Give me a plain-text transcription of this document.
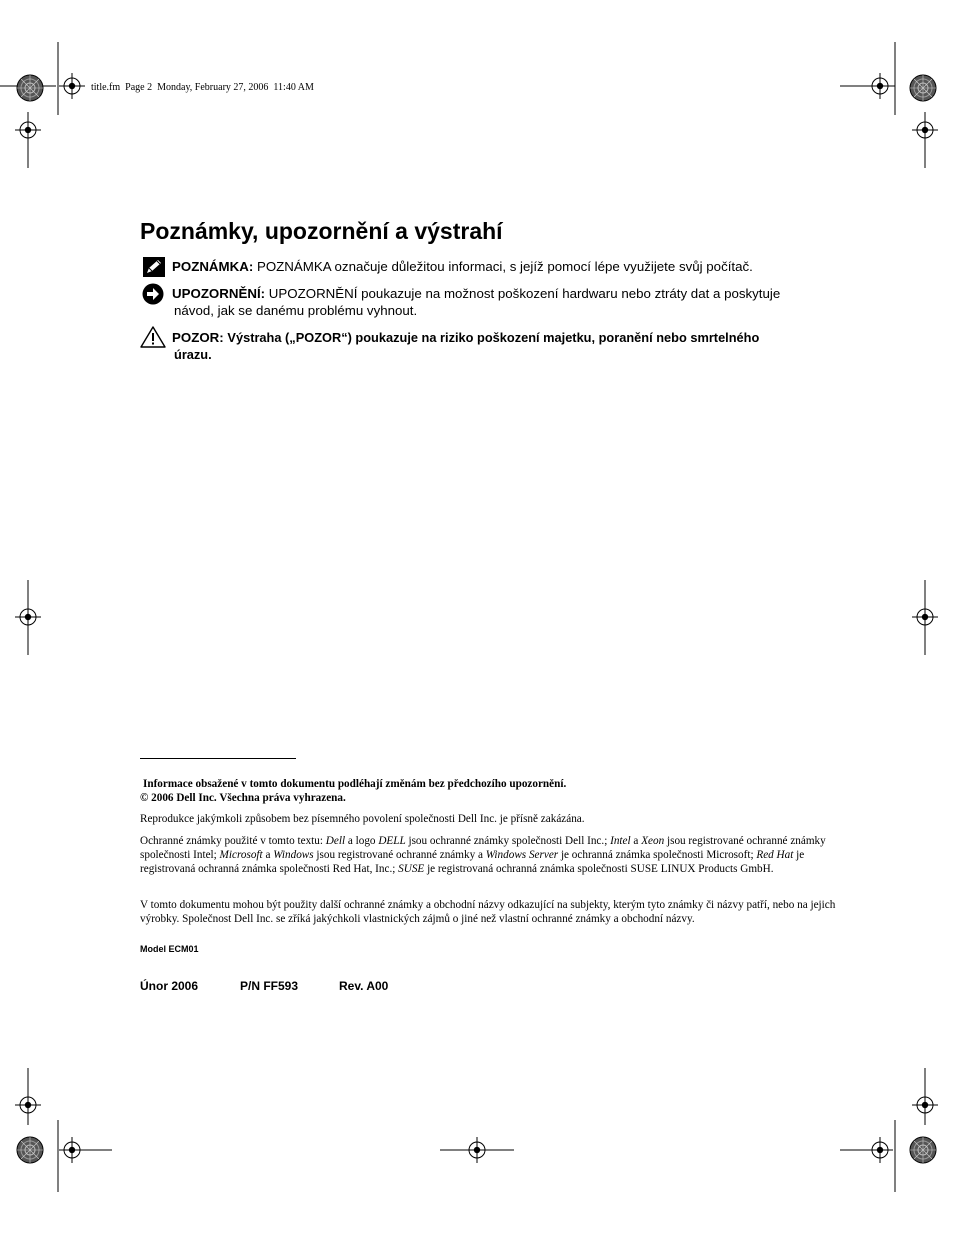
title.fm Page 2 Monday, February 27, 2006 11:40 AM
Poznámky, upozornění a výstrahí
POZNÁMKA: POZNÁMKA označuje důležitou informaci, s jejíž pomocí lépe využijete svůj počítač.
UPOZORNĚNÍ: UPOZORNĚNÍ poukazuje na možnost poškození hardwaru nebo ztráty dat a poskytuje
návod, jak se danému problému vyhnout.
POZOR: Výstraha („POZOR“) poukazuje na riziko poškození majetku, poranění nebo smrtelného
úrazu.
Informace obsažené v tomto dokumentu podléhají změnám bez předchozího upozornění.
© 2006 Dell Inc. Všechna práva vyhrazena.
Reprodukce jakýmkoli způsobem bez písemného povolení společnosti Dell Inc. je přísně zakázána.
Ochranné známky použité v tomto textu: Dell a logo DELL jsou ochranné známky společnosti Dell Inc.; Intel a Xeon jsou registrované ochranné známky společnosti Intel; Microsoft a Windows jsou registrované ochranné známky a Windows Server je ochranná známka společnosti Microsoft; Red Hat je registrovaná ochranná známka společnosti Red Hat, Inc.; SUSE je registrovaná ochranná známka společnosti SUSE LINUX Products GmbH.
V tomto dokumentu mohou být použity další ochranné známky a obchodní názvy odkazující na subjekty, kterým tyto známky či názvy patří, nebo na jejich výrobky. Společnost Dell Inc. se zříká jakýchkoli vlastnických zájmů o jiné než vlastní ochranné známky a obchodní názvy.
Model ECM01
Únor 2006	P/N FF593	Rev. A00
